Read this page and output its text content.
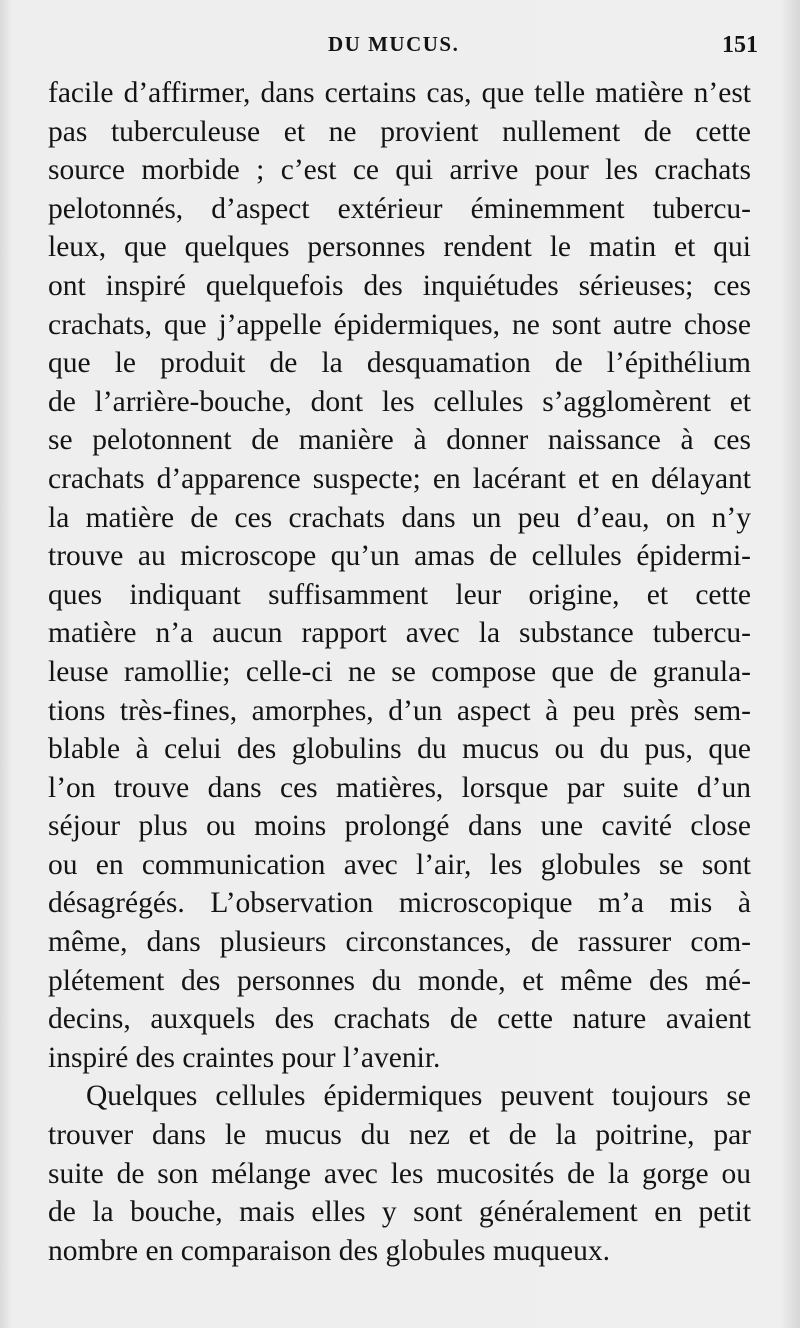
DU MUCUS.	151
facile d’affirmer, dans certains cas, que telle matière n’est
pas tuberculeuse et ne provient nullement de cette
source morbide ; c’est ce qui arrive pour les crachats
pelotonnés, d’aspect extérieur éminemment tubercu-
leux, que quelques personnes rendent le matin et qui
ont inspiré quelquefois des inquiétudes sérieuses; ces
crachats, que j’appelle épidermiques, ne sont autre chose
que le produit de la desquamation de l’épithélium
de l’arrière-bouche, dont les cellules s’agglomèrent et
se pelotonnent de manière à donner naissance à ces
crachats d’apparence suspecte; en lacérant et en délayant
la matière de ces crachats dans un peu d’eau, on n’y
trouve au microscope qu’un amas de cellules épidermi-
ques indiquant suffisamment leur origine, et cette
matière n’a aucun rapport avec la substance tubercu-
leuse ramollie; celle-ci ne se compose que de granula-
tions très-fines, amorphes, d’un aspect à peu près sem-
blable à celui des globulins du mucus ou du pus, que
l’on trouve dans ces matières, lorsque par suite d’un
séjour plus ou moins prolongé dans une cavité close
ou en communication avec l’air, les globules se sont
désagrégés. L’observation microscopique m’a mis à
même, dans plusieurs circonstances, de rassurer com-
plétement des personnes du monde, et même des mé-
decins, auxquels des crachats de cette nature avaient
inspiré des craintes pour l’avenir.
Quelques cellules épidermiques peuvent toujours se
trouver dans le mucus du nez et de la poitrine, par
suite de son mélange avec les mucosités de la gorge ou
de la bouche, mais elles y sont généralement en petit
nombre en comparaison des globules muqueux.
